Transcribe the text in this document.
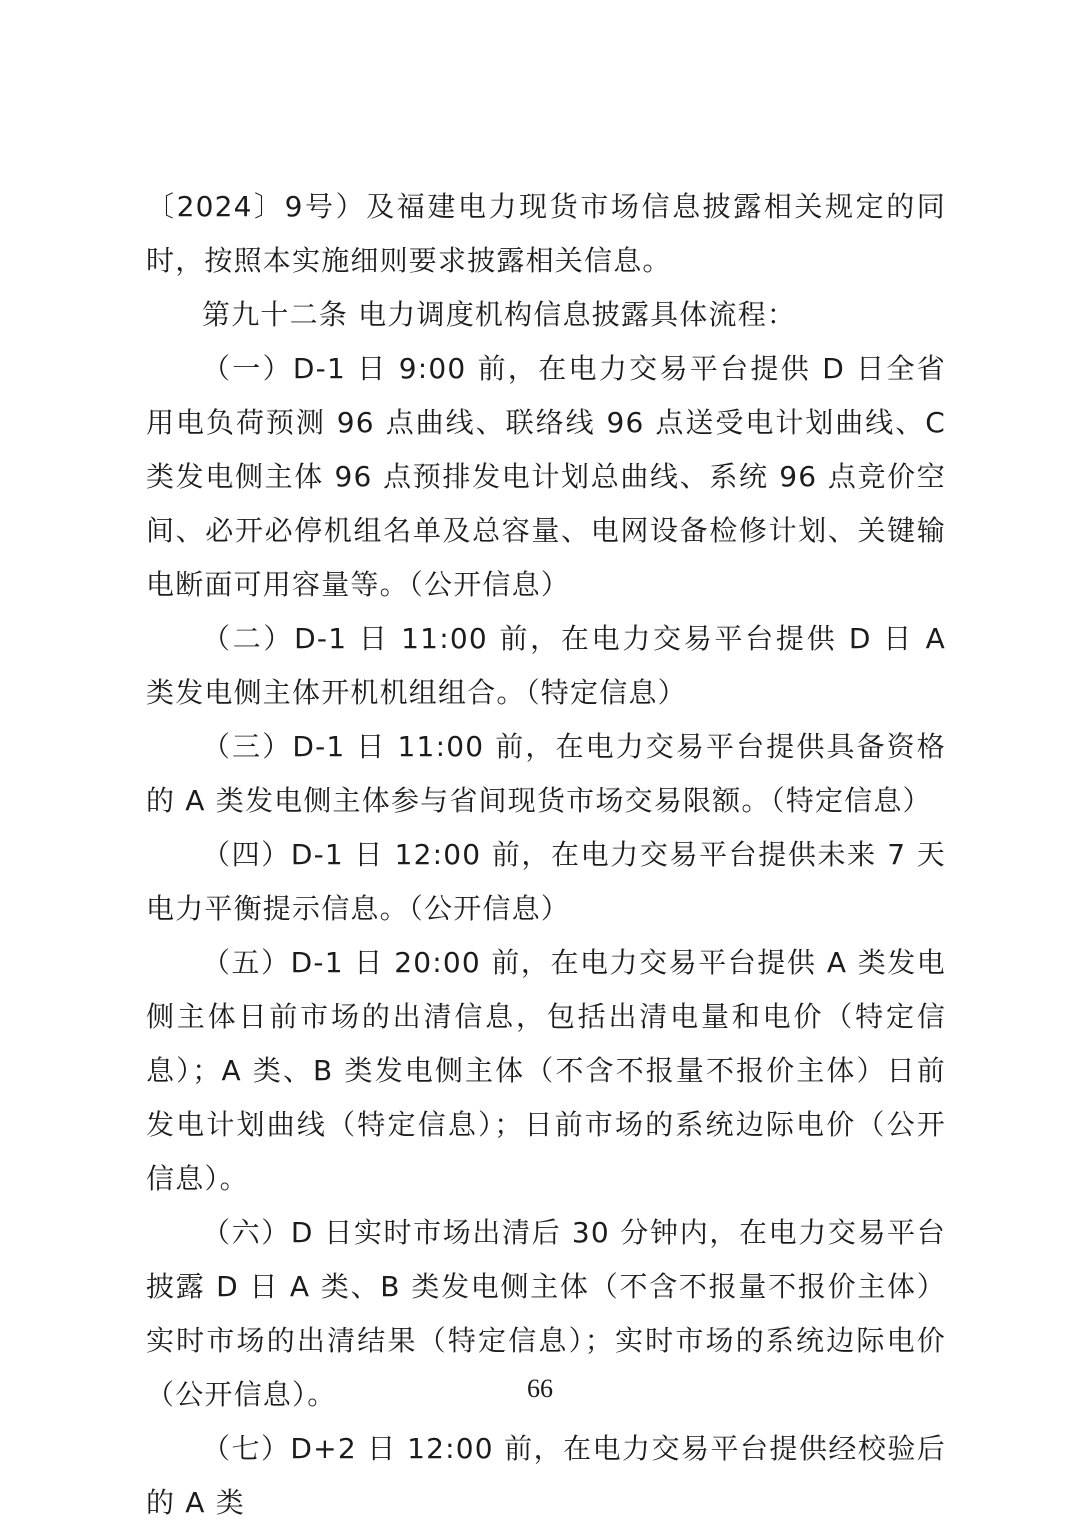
〔2024〕9号）及福建电力现货市场信息披露相关规定的同时，按照本实施细则要求披露相关信息。

第九十二条 电力调度机构信息披露具体流程：

（一）D-1 日 9:00 前，在电力交易平台提供 D 日全省用电负荷预测 96 点曲线、联络线 96 点送受电计划曲线、C 类发电侧主体 96 点预排发电计划总曲线、系统 96 点竞价空间、必开必停机组名单及总容量、电网设备检修计划、关键输电断面可用容量等。（公开信息）

（二）D-1 日 11:00 前，在电力交易平台提供 D 日 A 类发电侧主体开机机组组合。（特定信息）

（三）D-1 日 11:00 前，在电力交易平台提供具备资格的 A 类发电侧主体参与省间现货市场交易限额。（特定信息）

（四）D-1 日 12:00 前，在电力交易平台提供未来 7 天电力平衡提示信息。（公开信息）

（五）D-1 日 20:00 前，在电力交易平台提供 A 类发电侧主体日前市场的出清信息，包括出清电量和电价（特定信息）；A 类、B 类发电侧主体（不含不报量不报价主体）日前发电计划曲线（特定信息）；日前市场的系统边际电价（公开信息）。

（六）D 日实时市场出清后 30 分钟内，在电力交易平台披露 D 日 A 类、B 类发电侧主体（不含不报量不报价主体）实时市场的出清结果（特定信息）；实时市场的系统边际电价（公开信息）。

（七）D+2 日 12:00 前，在电力交易平台提供经校验后的 A 类

66
